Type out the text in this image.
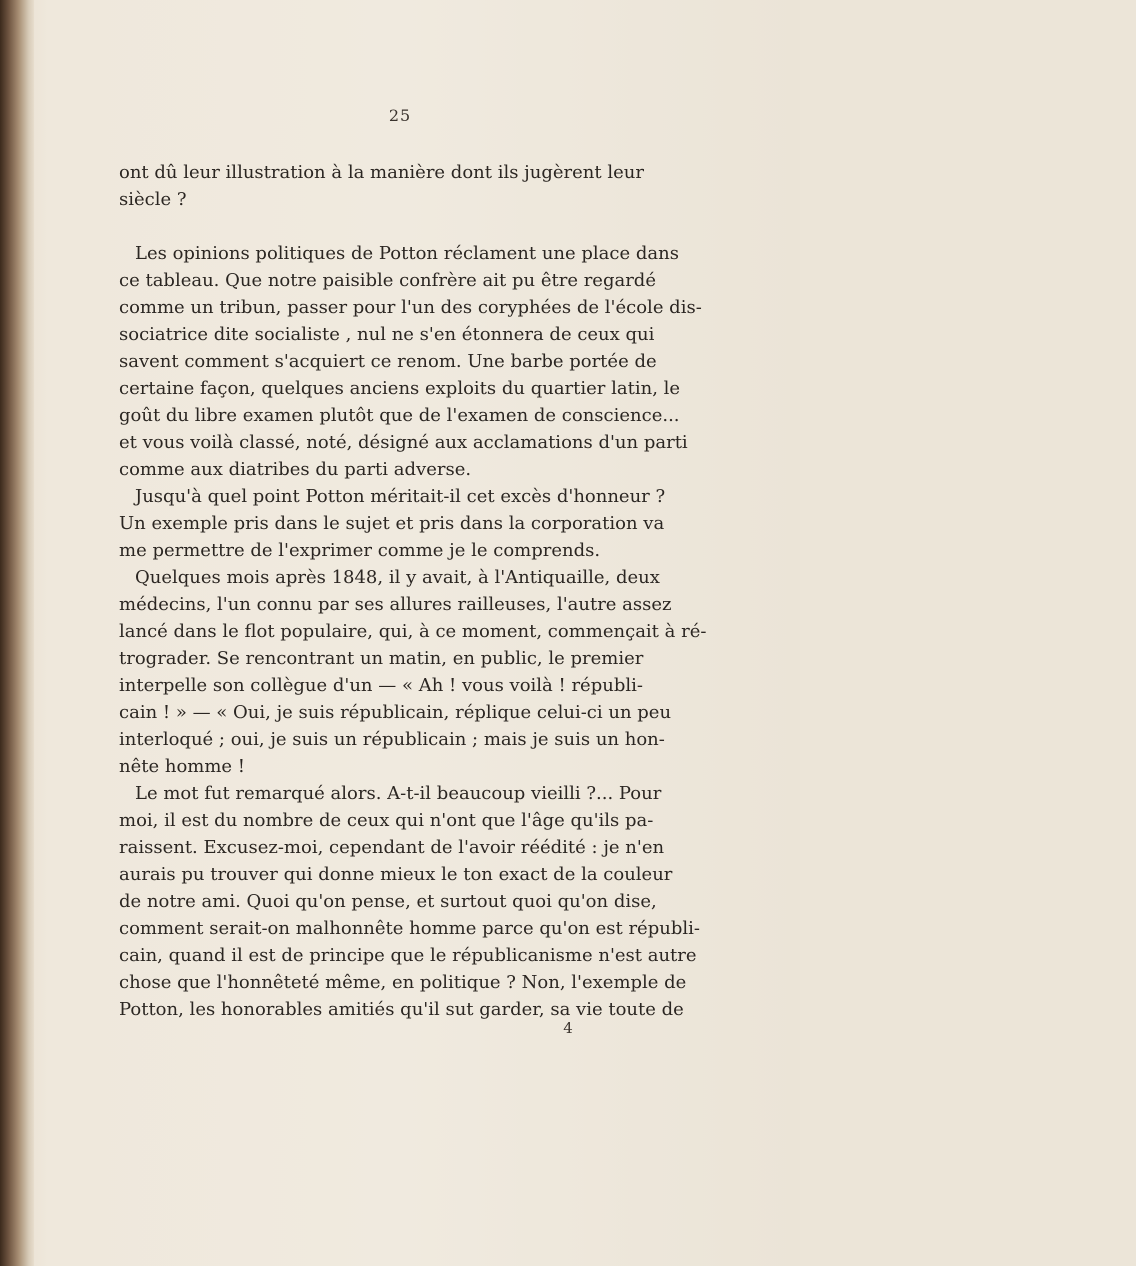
25
ont dû leur illustration à la manière dont ils jugèrent leur
siècle ?
Les opinions politiques de Potton réclament une place dans
ce tableau. Que notre paisible confrère ait pu être regardé
comme un tribun, passer pour l'un des coryphées de l'école dis-
sociatrice dite socialiste , nul ne s'en étonnera de ceux qui
savent comment s'acquiert ce renom. Une barbe portée de
certaine façon, quelques anciens exploits du quartier latin, le
goût du libre examen plutôt que de l'examen de conscience...
et vous voilà classé, noté, désigné aux acclamations d'un parti
comme aux diatribes du parti adverse.
Jusqu'à quel point Potton méritait-il cet excès d'honneur ?
Un exemple pris dans le sujet et pris dans la corporation va
me permettre de l'exprimer comme je le comprends.
Quelques mois après 1848, il y avait, à l'Antiquaille, deux
médecins, l'un connu par ses allures railleuses, l'autre assez
lancé dans le flot populaire, qui, à ce moment, commençait à ré-
trograder. Se rencontrant un matin, en public, le premier
interpelle son collègue d'un — « Ah ! vous voilà ! républi-
cain ! » — « Oui, je suis républicain, réplique celui-ci un peu
interloqué ; oui, je suis un républicain ; mais je suis un hon-
nête homme !
Le mot fut remarqué alors. A-t-il beaucoup vieilli ?... Pour
moi, il est du nombre de ceux qui n'ont que l'âge qu'ils pa-
raissent. Excusez-moi, cependant de l'avoir réédité : je n'en
aurais pu trouver qui donne mieux le ton exact de la couleur
de notre ami. Quoi qu'on pense, et surtout quoi qu'on dise,
comment serait-on malhonnête homme parce qu'on est républi-
cain, quand il est de principe que le républicanisme n'est autre
chose que l'honnêteté même, en politique ? Non, l'exemple de
Potton, les honorables amitiés qu'il sut garder, sa vie toute de
4
